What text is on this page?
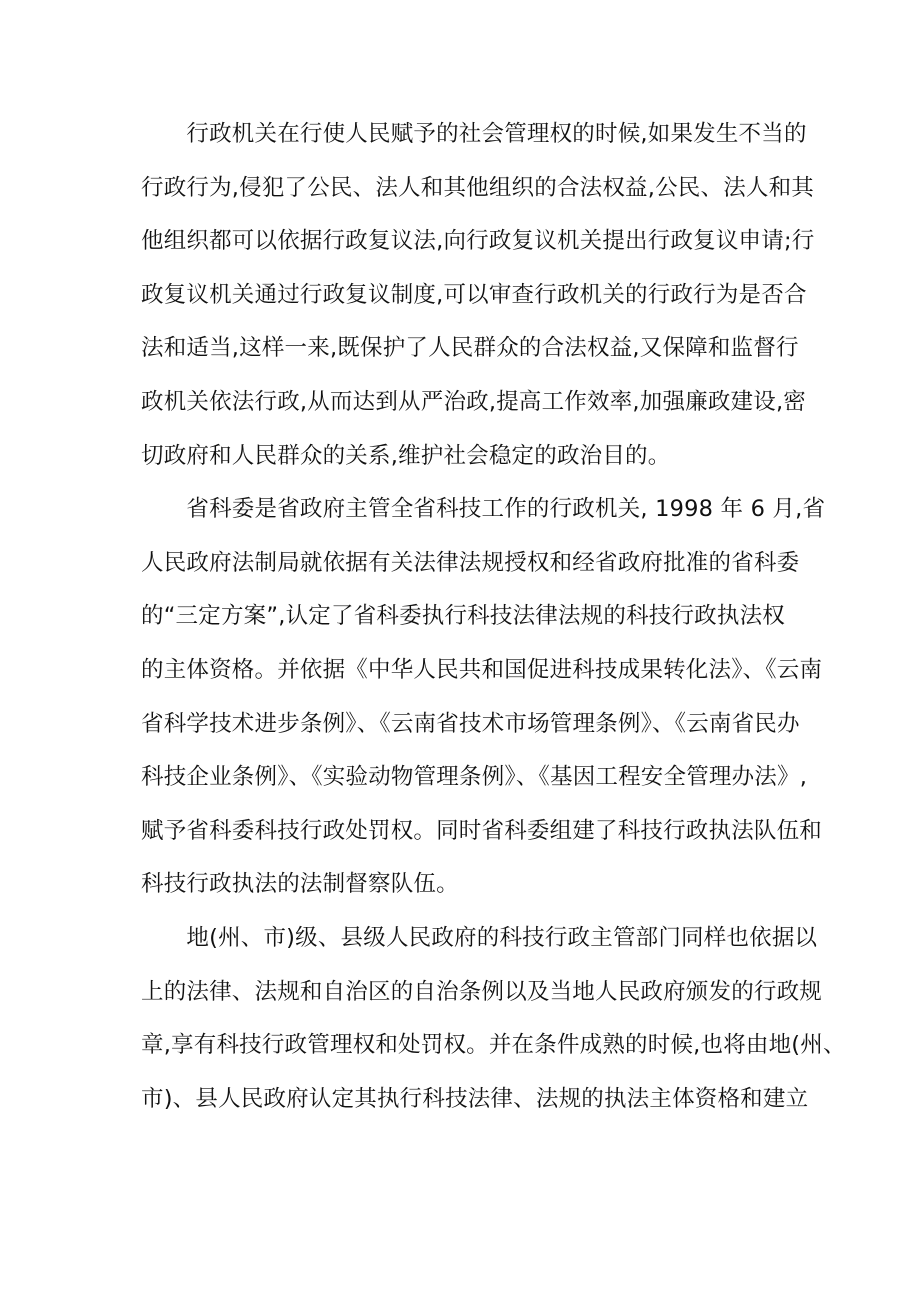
　　行政机关在行使人民赋予的社会管理权的时候,如果发生不当的
行政行为,侵犯了公民、法人和其他组织的合法权益,公民、法人和其
他组织都可以依据行政复议法,向行政复议机关提出行政复议申请;行
政复议机关通过行政复议制度,可以审查行政机关的行政行为是否合
法和适当,这样一来,既保护了人民群众的合法权益,又保障和监督行
政机关依法行政,从而达到从严治政,提高工作效率,加强廉政建设,密
切政府和人民群众的关系,维护社会稳定的政治目的。
　　省科委是省政府主管全省科技工作的行政机关, 1998 年 6 月,省
人民政府法制局就依据有关法律法规授权和经省政府批准的省科委
的“三定方案”,认定了省科委执行科技法律法规的科技行政执法权
的主体资格。并依据《中华人民共和国促进科技成果转化法》、《云南
省科学技术进步条例》、《云南省技术市场管理条例》、《云南省民办
科技企业条例》、《实验动物管理条例》、《基因工程安全管理办法》,
赋予省科委科技行政处罚权。同时省科委组建了科技行政执法队伍和
科技行政执法的法制督察队伍。
　　地(州、市)级、县级人民政府的科技行政主管部门同样也依据以
上的法律、法规和自治区的自治条例以及当地人民政府颁发的行政规
章,享有科技行政管理权和处罚权。并在条件成熟的时候,也将由地(州、
市)、县人民政府认定其执行科技法律、法规的执法主体资格和建立
